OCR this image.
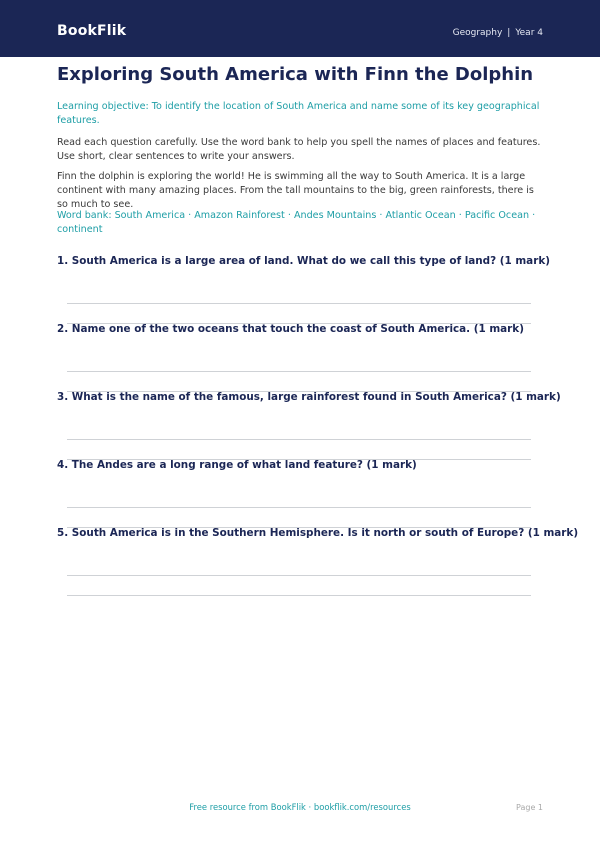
BookFlik	Geography | Year 4
Exploring South America with Finn the Dolphin

Learning objective: To identify the location of South America and name some of its key geographical features.

Read each question carefully. Use the word bank to help you spell the names of places and features. Use short, clear sentences to write your answers.

Finn the dolphin is exploring the world! He is swimming all the way to South America. It is a large continent with many amazing places. From the tall mountains to the big, green rainforests, there is so much to see.

Word bank: South America · Amazon Rainforest · Andes Mountains · Atlantic Ocean · Pacific Ocean · continent

1. South America is a large area of land. What do we call this type of land? (1 mark)

2. Name one of the two oceans that touch the coast of South America. (1 mark)

3. What is the name of the famous, large rainforest found in South America? (1 mark)

4. The Andes are a long range of what land feature? (1 mark)

5. South America is in the Southern Hemisphere. Is it north or south of Europe? (1 mark)

Free resource from BookFlik · bookflik.com/resources	Page 1
